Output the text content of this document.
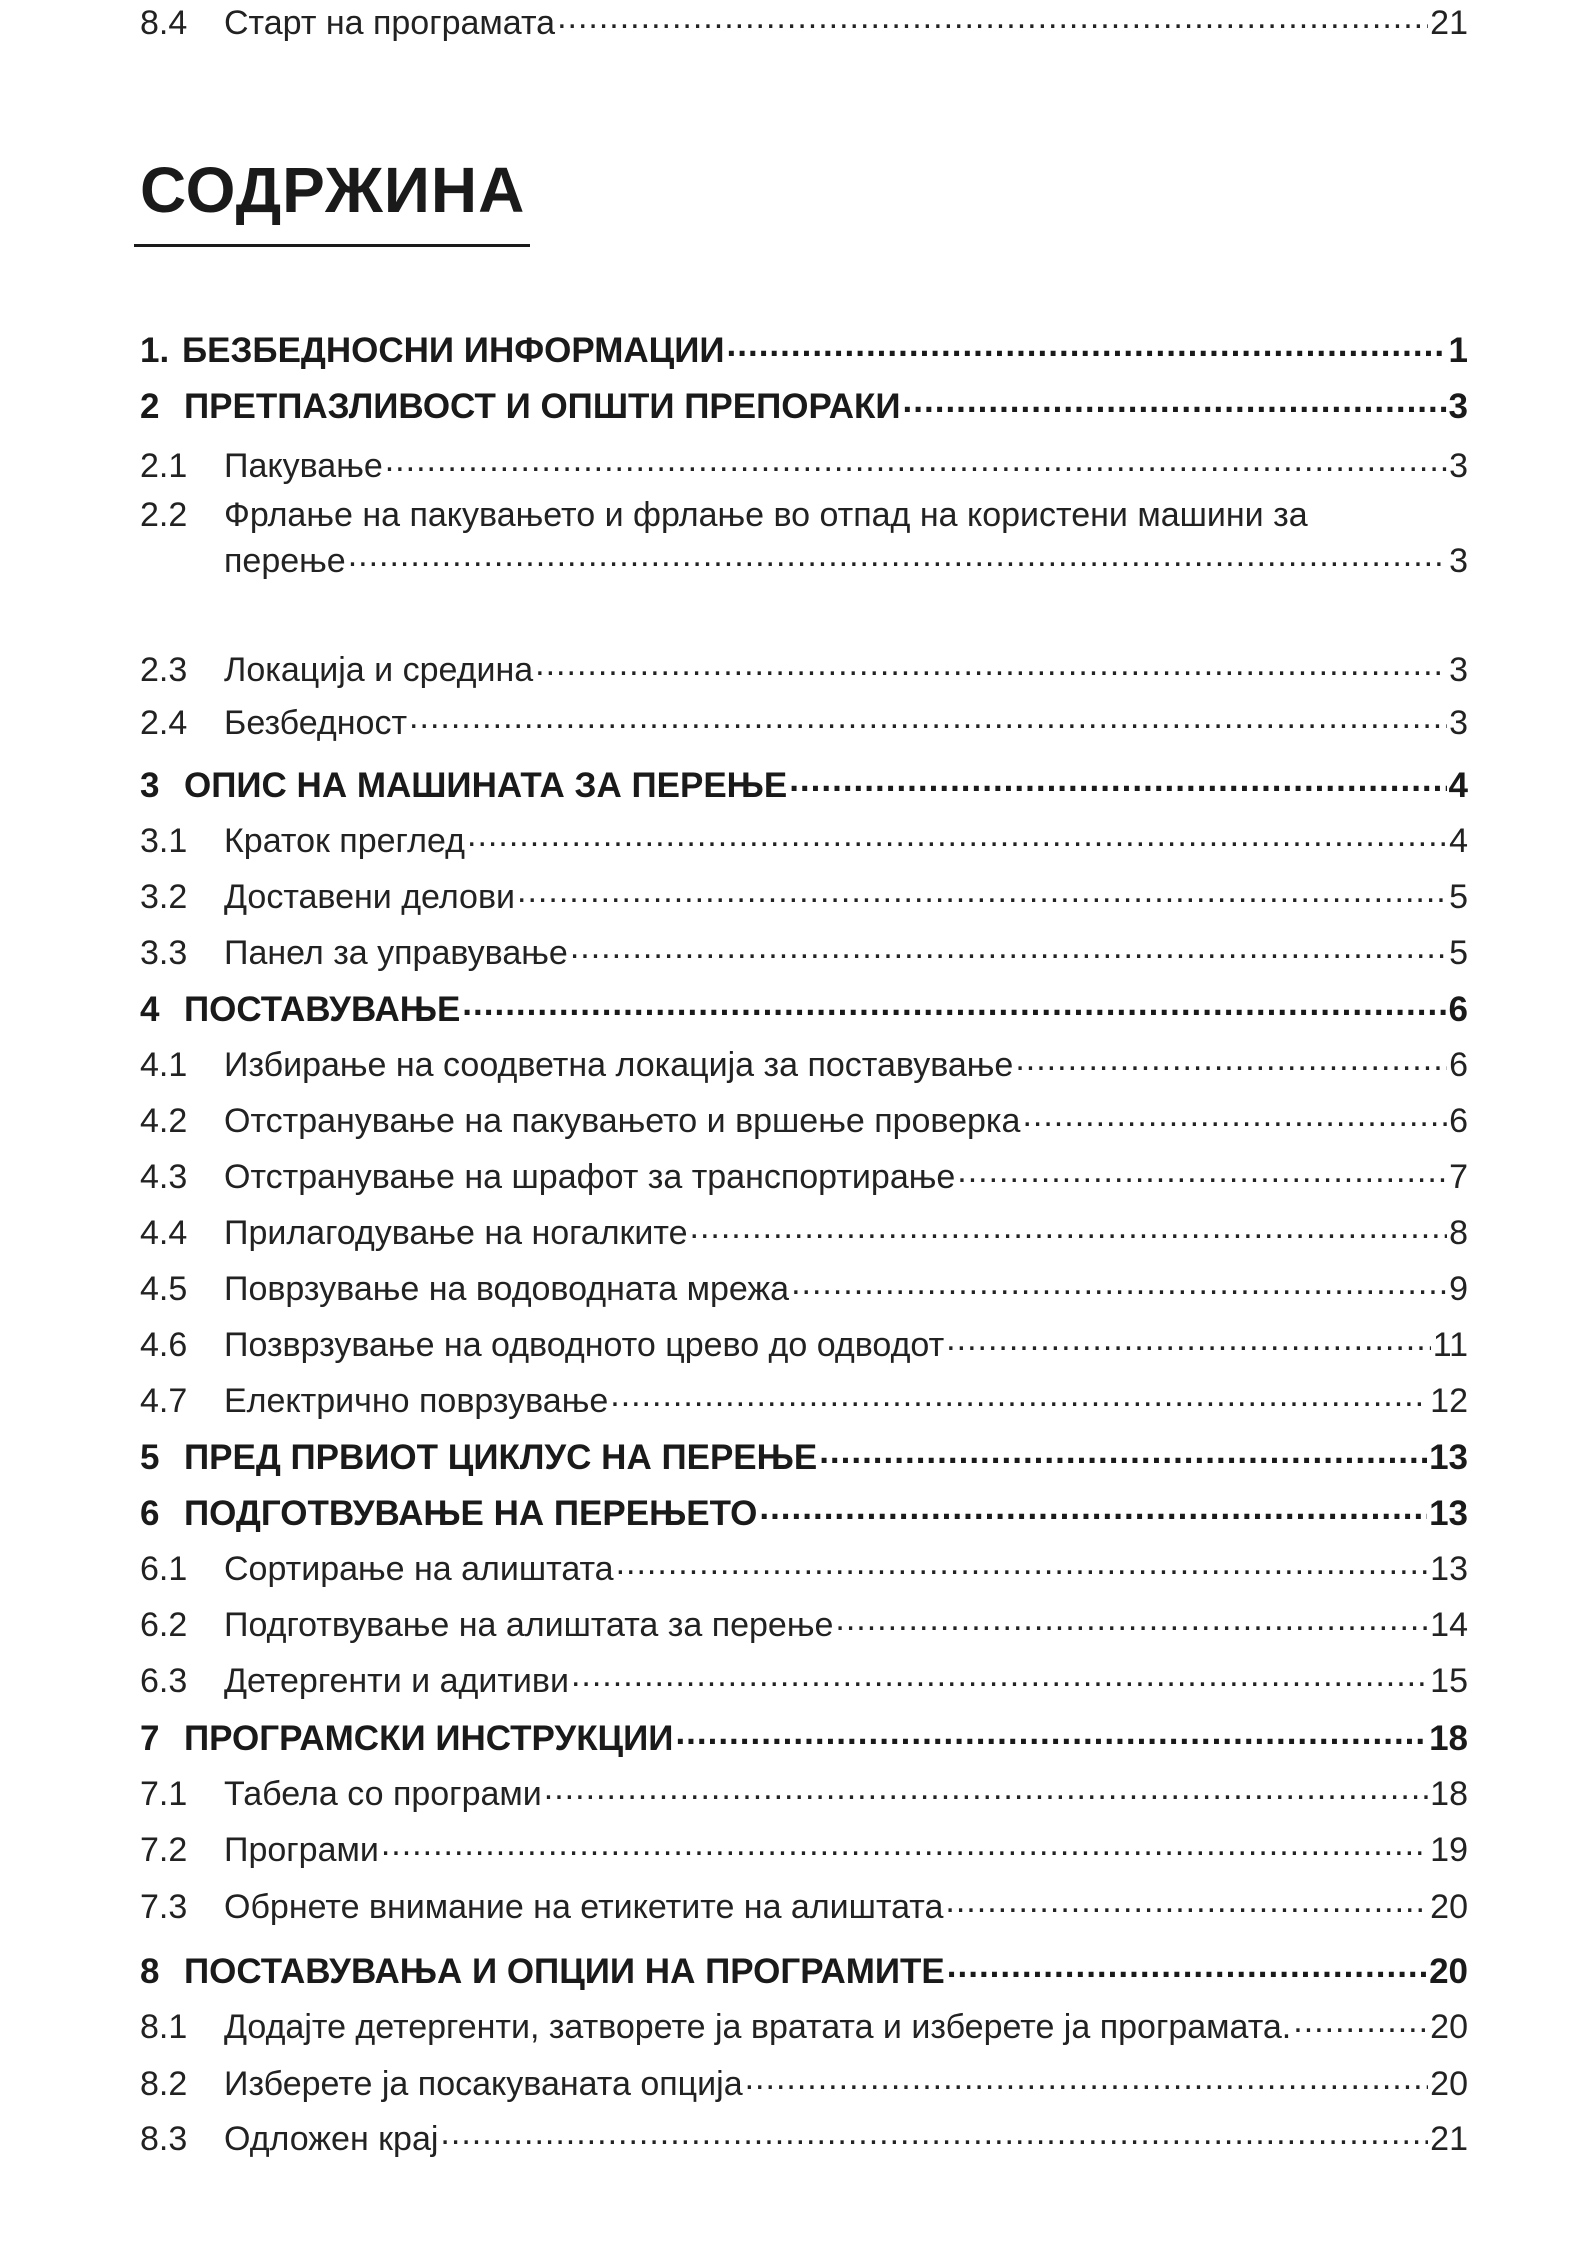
СОДРЖИНА
1. БЕЗБЕДНОСНИ ИНФОРМАЦИИ .....	1
2 ПРЕТПАЗЛИВОСТ И ОПШТИ ПРЕПОРАКИ .....	3
2.1	Пакување .....	3
2.2	Фрлање на пакувањето и фрлање во отпад на користени машини за
перење .....	3
2.3	Локација и средина .....	3
2.4	Безбедност .....	3
3 ОПИС НА МАШИНАТА ЗА ПЕРЕЊЕ .....	4
3.1	Краток преглед .....	4
3.2	Доставени делови .....	5
3.3	Панел за управување .....	5
4 ПОСТАВУВАЊЕ .....	6
4.1	Избирање на соодветна локација за поставување .....	6
4.2	Отстранување на пакувањето и вршење проверка .....	6
4.3	Отстранување на шрафот за транспортирање .....	7
4.4	Прилагодување на ногалките .....	8
4.5	Поврзување на водоводната мрежа .....	9
4.6	Позврзување на одводното црево до одводот .....	11
4.7	Електрично поврзување .....	12
5 ПРЕД ПРВИОТ ЦИКЛУС НА ПЕРЕЊЕ .....	13
6 ПОДГОТВУВАЊЕ НА ПЕРЕЊЕТО .....	13
6.1	Сортирање на алиштата .....	13
6.2	Подготвување на алиштата за перење .....	14
6.3	Детергенти и адитиви .....	15
7 ПРОГРАМСКИ ИНСТРУКЦИИ .....	18
7.1	Табела со програми .....	18
7.2	Програми .....	19
7.3	Обрнете внимание на етикетите на алиштата .....	20
8 ПОСТАВУВАЊА И ОПЦИИ НА ПРОГРАМИТЕ .....	20
8.1	Додајте детергенти, затворете ја вратата и изберете ја програмата. .....	20
8.2	Изберете ја посакуваната опција .....	20
8.3	Одложен крај .....	21
8.4	Старт на програмата .....	21
